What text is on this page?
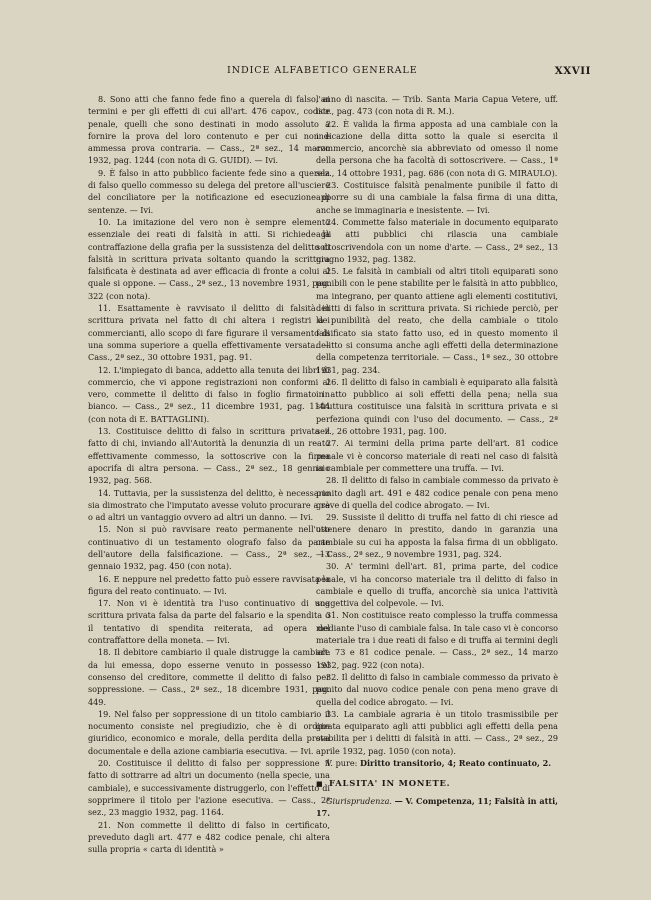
INDICE ALFABETICO GENERALE	XXVII

8. Sono atti che fanno fede fino a querela di falso, ai termini e per gli effetti di cui all'art. 476 capov., codice penale, quelli che sono destinati in modo assoluto a fornire la prova del loro contenuto e per cui non è ammessa prova contraria. — Cass., 2ª sez., 14 marzo 1932, pag. 1244 (con nota di G. GUIDI). — Ivi.

9. È falso in atto pubblico faciente fede sino a querela di falso quello commesso su delega del pretore all'usciere del conciliatore per la notificazione ed esecuzione di sentenze. — Ivi.

10. La imitazione del vero non è sempre elemento essenziale dei reati di falsità in atti. Si richiede la contraffazione della grafia per la sussistenza del delitto di falsità in scrittura privata soltanto quando la scrittura falsificata è destinata ad aver efficacia di fronte a colui al quale si oppone. — Cass., 2ª sez., 13 novembre 1931, pag. 322 (con nota).

11. Esattamente è ravvisato il delitto di falsità in scrittura privata nel fatto di chi altera i registri dei commercianti, allo scopo di fare figurare il versamento di una somma superiore a quella effettivamente versata. — Cass., 2ª sez., 30 ottobre 1931, pag. 91.

12. L'impiegato di banca, addetto alla tenuta dei libri di commercio, che vi appone registrazioni non conformi al vero, commette il delitto di falso in foglio firmato in bianco. — Cass., 2ª sez., 11 dicembre 1931, pag. 1144 (con nota di E. BATTAGLINI).

13. Costituisce delitto di falso in scrittura privata il fatto di chi, inviando all'Autorità la denunzia di un reato effettivamente commesso, la sottoscrive con la firma apocrifa di altra persona. — Cass., 2ª sez., 18 gennaio 1932, pag. 568.

14. Tuttavia, per la sussistenza del delitto, è necessario sia dimostrato che l'imputato avesse voluto procurare a sè o ad altri un vantaggio ovvero ad altri un danno. — Ivi.

15. Non si può ravvisare reato permanente nell'uso continuativo di un testamento olografo falso da parte dell'autore della falsificazione. — Cass., 2ª sez., 13 gennaio 1932, pag. 450 (con nota).

16. E neppure nel predetto fatto può essere ravvisata la figura del reato continuato. — Ivi.

17. Non vi è identità tra l'uso continuativo di una scrittura privata falsa da parte del falsario e la spendita o il tentativo di spendita reiterata, ad opera del contraffattore della moneta. — Ivi.

18. Il debitore cambiario il quale distrugge la cambiale da lui emessa, dopo esserne venuto in possesso col consenso del creditore, commette il delitto di falso per soppressione. — Cass., 2ª sez., 18 dicembre 1931, pag. 449.

19. Nel falso per soppressione di un titolo cambiario il nocumento consiste nel pregiudizio, che è di ordine giuridico, economico e morale, della perdita della prova documentale e della azione cambiaria esecutiva. — Ivi.

20. Costituisce il delitto di falso per soppressione il fatto di sottrarre ad altri un documento (nella specie, una cambiale), e successivamente distruggerlo, con l'effetto di sopprimere il titolo per l'azione esecutiva. — Cass., 2ª sez., 23 maggio 1932, pag. 1164.

21. Non commette il delitto di falso in certificato, preveduto dagli art. 477 e 482 codice penale, chi altera sulla propria « carta di identità »

l'anno di nascita. — Trib. Santa Maria Capua Vetere, uff. istr., pag. 473 (con nota di R. M.).

22. È valida la firma apposta ad una cambiale con la indicazione della ditta sotto la quale si esercita il commercio, ancorchè sia abbreviato od omesso il nome della persona che ha facoltà di sottoscrivere. — Cass., 1ª sez., 14 ottobre 1931, pag. 686 (con nota di G. MIRAULO).

23. Costituisce falsità penalmente punibile il fatto di apporre su di una cambiale la falsa firma di una ditta, anche se immaginaria e inesistente. — Ivi.

24. Commette falso materiale in documento equiparato agli atti pubblici chi rilascia una cambiale sottoscrivendola con un nome d'arte. — Cass., 2ª sez., 13 giugno 1932, pag. 1382.

25. Le falsità in cambiali od altri titoli equiparati sono punibili con le pene stabilite per le falsità in atto pubblico, ma integrano, per quanto attiene agli elementi costitutivi, delitti di falso in scrittura privata. Si richiede perciò, per la punibilità del reato, che della cambiale o titolo falsificato sia stato fatto uso, ed in questo momento il delitto si consuma anche agli effetti della determinazione della competenza territoriale. — Cass., 1ª sez., 30 ottobre 1931, pag. 234.

26. Il delitto di falso in cambiali è equiparato alla falsità in atto pubblico ai soli effetti della pena; nella sua struttura costituisce una falsità in scrittura privata e si perfeziona quindi con l'uso del documento. — Cass., 2ª sez., 26 ottobre 1931, pag. 100.

27. Ai termini della prima parte dell'art. 81 codice penale vi è concorso materiale di reati nel caso di falsità in cambiale per commettere una truffa. — Ivi.

28. Il delitto di falso in cambiale commesso da privato è punito dagli art. 491 e 482 codice penale con pena meno grave di quella del codice abrogato. — Ivi.

29. Sussiste il delitto di truffa nel fatto di chi riesce ad ottenere denaro in prestito, dando in garanzia una cambiale su cui ha apposta la falsa firma di un obbligato. — Cass., 2ª sez., 9 novembre 1931, pag. 324.

30. A' termini dell'art. 81, prima parte, del codice penale, vi ha concorso materiale tra il delitto di falso in cambiale e quello di truffa, ancorchè sia unica l'attività soggettiva del colpevole. — Ivi.

31. Non costituisce reato complesso la truffa commessa mediante l'uso di cambiale falsa. In tale caso vi è concorso materiale tra i due reati di falso e di truffa ai termini degli art. 73 e 81 codice penale. — Cass., 2ª sez., 14 marzo 1932, pag. 922 (con nota).

32. Il delitto di falso in cambiale commesso da privato è punito dal nuovo codice penale con pena meno grave di quella del codice abrogato. — Ivi.

33. La cambiale agraria è un titolo trasmissibile per girata equiparato agli atti pubblici agli effetti della pena stabilita per i delitti di falsità in atti. — Cass., 2ª sez., 29 aprile 1932, pag. 1050 (con nota).

V. pure: Diritto transitorio, 4; Reato continuato, 2.

■FALSITA' IN MONETE.

Giurisprudenza. — V. Competenza, 11; Falsità in atti, 17.
